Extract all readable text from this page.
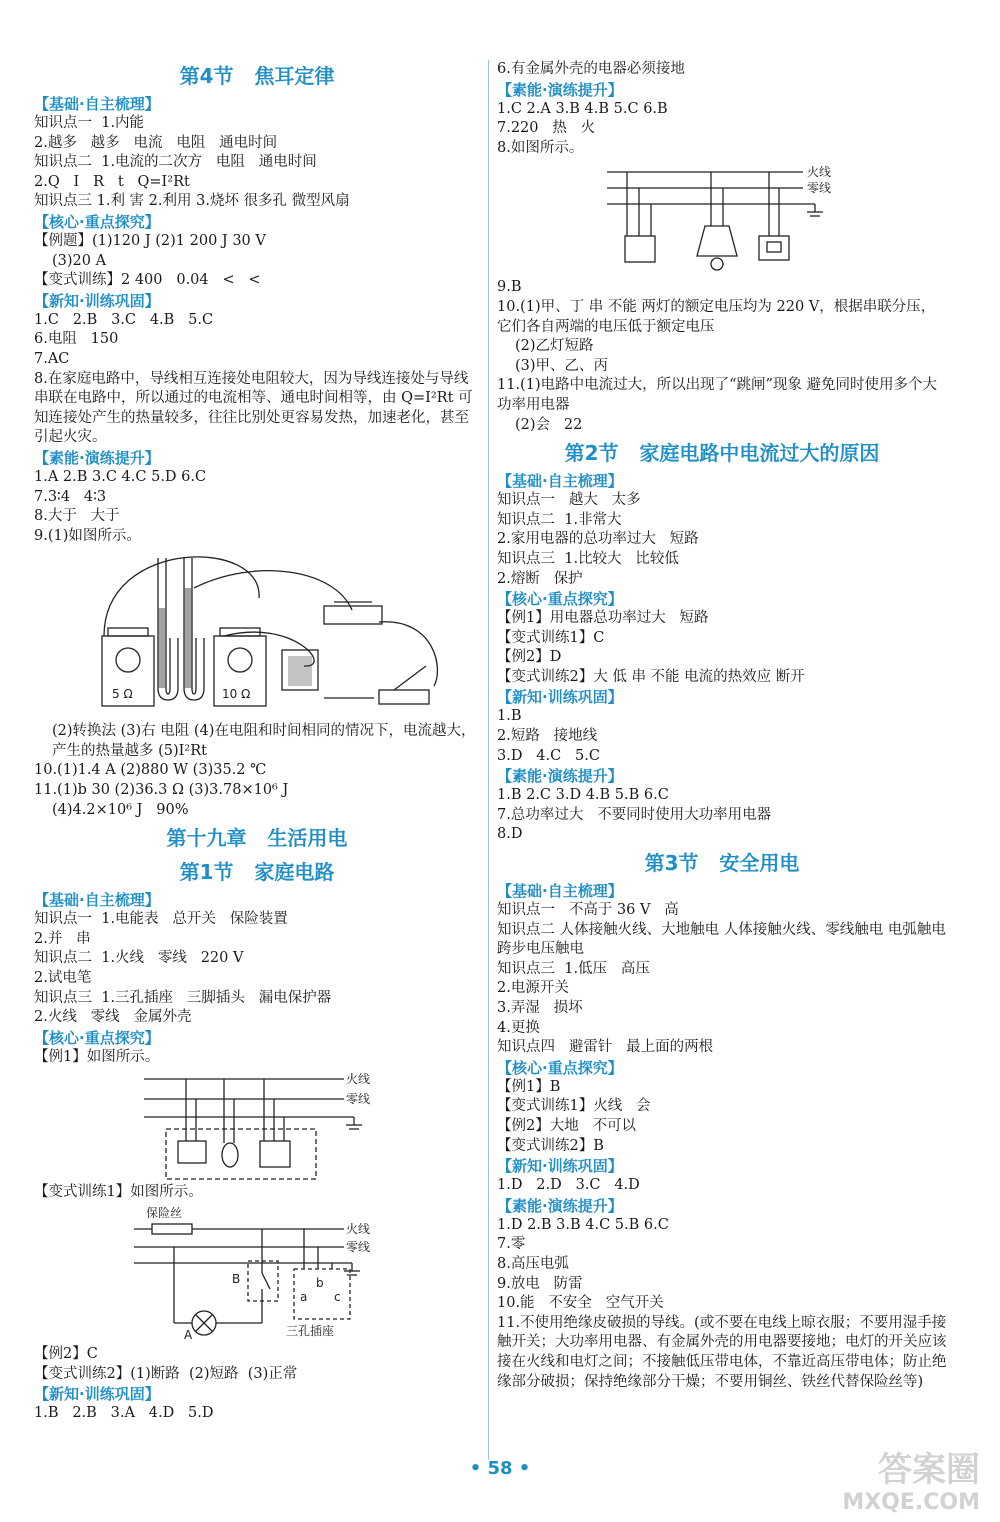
第4节   焦耳定律
【基础·自主梳理】
知识点一  1.内能
2.越多   越多   电流   电阻   通电时间
知识点二  1.电流的二次方   电阻   通电时间
2.Q   I   R   t   Q=I²Rt
知识点三 1.利 害 2.利用 3.烧坏 很多孔 微型风扇
【核心·重点探究】
【例题】(1)120 J (2)1 200 J 30 V
(3)20 A
【变式训练】2 400   0.04   <   <
【新知·训练巩固】
1.C   2.B   3.C   4.B   5.C
6.电阻   150
7.AC
8.在家庭电路中，导线相互连接处电阻较大，因为导线连接处与导线串联在电路中，所以通过的电流相等、通电时间相等，由 Q=I²Rt 可知连接处产生的热量较多，往往比别处更容易发热，加速老化，甚至引起火灾。
【素能·演练提升】
1.A 2.B 3.C 4.C 5.D 6.C
7.3∶4   4∶3
8.大于   大于
9.(1)如图所示。
5 Ω	10 Ω
(2)转换法 (3)右 电阻 (4)在电阻和时间相同的情况下，电流越大，产生的热量越多 (5)I²Rt
10.(1)1.4 A (2)880 W (3)35.2 ℃
11.(1)b 30 (2)36.3 Ω (3)3.78×10⁶ J
(4)4.2×10⁶ J   90%
第十九章   生活用电
第1节   家庭电路
【基础·自主梳理】
知识点一  1.电能表   总开关   保险装置
2.并   串
知识点二  1.火线   零线   220 V
2.试电笔
知识点三  1.三孔插座   三脚插头   漏电保护器
2.火线   零线   金属外壳
【核心·重点探究】
【例1】如图所示。
火线
零线
【变式训练1】如图所示。
保险丝
火线
零线
B
A	三孔插座
a
b
c
【例2】C
【变式训练2】(1)断路  (2)短路  (3)正常
【新知·训练巩固】
1.B   2.B   3.A   4.D   5.D
6.有金属外壳的电器必须接地
【素能·演练提升】
1.C 2.A 3.B 4.B 5.C 6.B
7.220   热   火
8.如图所示。
火线
零线
9.B
10.(1)甲、丁 串 不能 两灯的额定电压均为 220 V，根据串联分压，它们各自两端的电压低于额定电压
(2)乙灯短路
(3)甲、乙、丙
11.(1)电路中电流过大，所以出现了“跳闸”现象 避免同时使用多个大功率用电器
(2)会   22
第2节   家庭电路中电流过大的原因
【基础·自主梳理】
知识点一   越大   太多
知识点二  1.非常大
2.家用电器的总功率过大   短路
知识点三  1.比较大   比较低
2.熔断   保护
【核心·重点探究】
【例1】用电器总功率过大   短路
【变式训练1】C
【例2】D
【变式训练2】大 低 串 不能 电流的热效应 断开
【新知·训练巩固】
1.B
2.短路   接地线
3.D   4.C   5.C
【素能·演练提升】
1.B 2.C 3.D 4.B 5.B 6.C
7.总功率过大   不要同时使用大功率用电器
8.D
第3节   安全用电
【基础·自主梳理】
知识点一   不高于 36 V   高
知识点二 人体接触火线、大地触电 人体接触火线、零线触电 电弧触电 跨步电压触电
知识点三  1.低压   高压
2.电源开关
3.弄湿   损坏
4.更换
知识点四   避雷针   最上面的两根
【核心·重点探究】
【例1】B
【变式训练1】火线   会
【例2】大地   不可以
【变式训练2】B
【新知·训练巩固】
1.D   2.D   3.C   4.D
【素能·演练提升】
1.D 2.B 3.B 4.C 5.B 6.C
7.零
8.高压电弧
9.放电   防雷
10.能   不安全   空气开关
11.不使用绝缘皮破损的导线。(或不要在电线上晾衣服；不要用湿手接触开关；大功率用电器、有金属外壳的用电器要接地；电灯的开关应该接在火线和电灯之间；不接触低压带电体，不靠近高压带电体；防止绝缘部分破损；保持绝缘部分干燥；不要用铜丝、铁丝代替保险丝等)
• 58 •	答案圈
MXQE.COM
